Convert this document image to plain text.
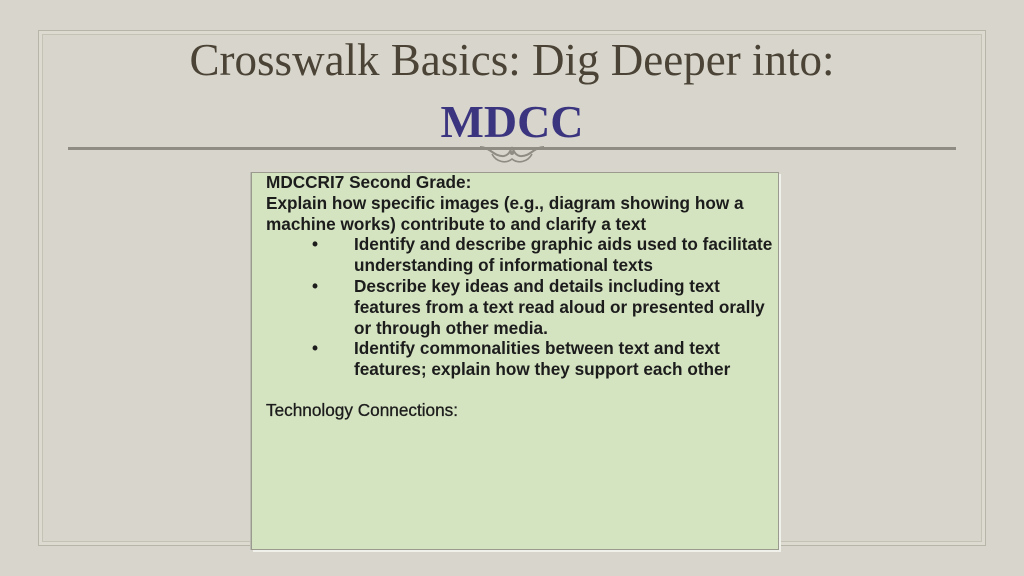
Crosswalk Basics: Dig Deeper into:
MDCC
MDCCRI7 Second Grade:
Explain how specific images (e.g., diagram showing how a machine works) contribute to and clarify a text
• Identify and describe graphic aids used to facilitate understanding of informational texts
• Describe key ideas and details including text features from a text read aloud or presented orally or through other media.
• Identify commonalities between text and text features; explain how they support each other
Technology Connections:
